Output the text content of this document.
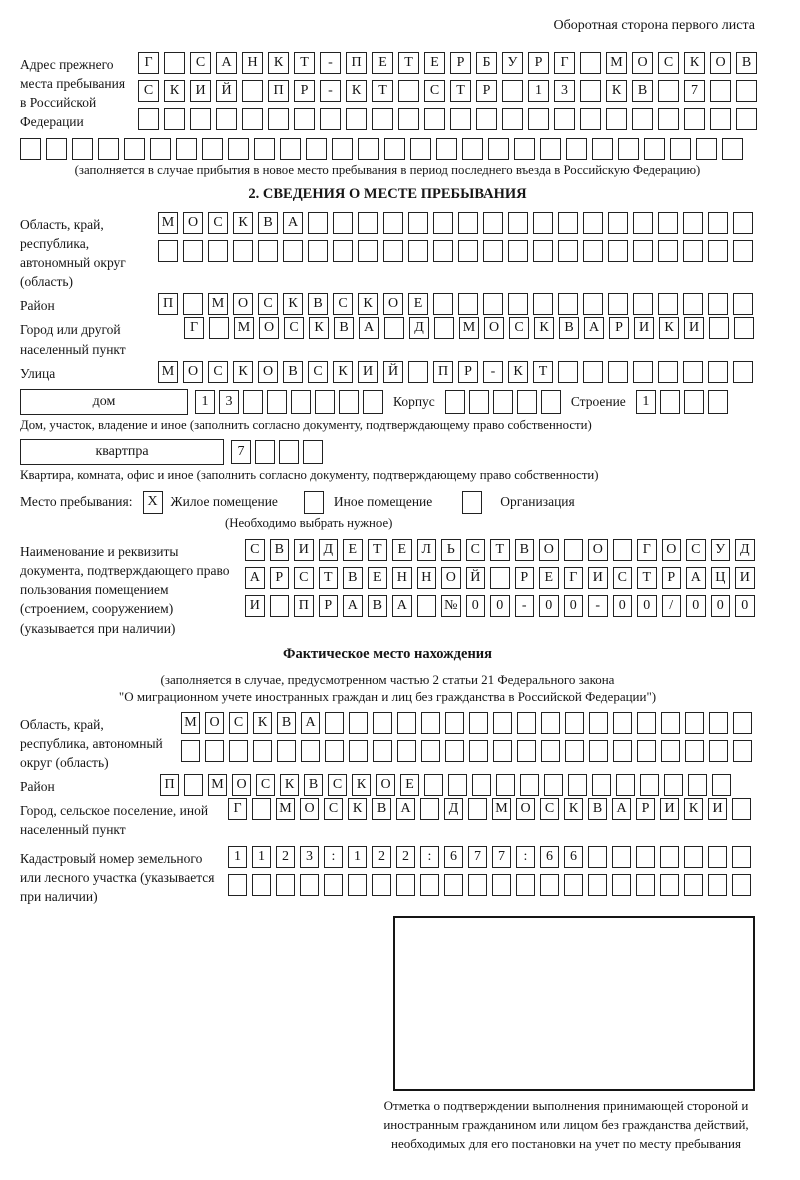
Оборотная сторона первого листа
Адрес прежнего места пребывания в Российской Федерации
Г	С	А	Н	К	Т	-	П	Е	Т	Е	Р	Б	У	Р	Г	М	О	С	К	О	В
С	К	И	Й	П	Р	-	К	Т	С	Т	Р	1	3	К	В	7
(заполняется в случае прибытия в новое место пребывания в период последнего въезда в Российскую Федерацию)
2. СВЕДЕНИЯ О МЕСТЕ ПРЕБЫВАНИЯ
Область, край, республика, автономный округ (область)
М О	С	К	В	А
Район	П	М О	С	К	В	С	К	О	Е
Город или другой населенный пункт
Г	М О	С	К	В	А	Д	М О	С	К	В	А	Р	И	К	И
Улица	М О	С	К	О	В	С	К	И	Й	П	Р	-	К	Т
дом	1	3	Корпус	Строение	1
Дом, участок, владение и иное (заполнить согласно документу, подтверждающему право собственности)
квартпра	7
Квартира, комната, офис и иное (заполнить согласно документу, подтверждающему право собственности)
Место пребывания:	X Жилое помещение	Иное помещение	Организация
(Необходимо выбрать нужное)
Наименование и реквизиты документа, подтверждающего право пользования помещением (строением, сооружением) (указывается при наличии)
С	В	И	Д	Е	Т	Е	Л	Ь	С	Т	В	О	О	Г	О	С	У	Д
А	Р	С	Т	В	Е	Н	Н	О	Й	Р	Е	Г	И	С	Т	Р	А	Ц	И
И	П	Р	А	В	А	№	0	0	-	0	0	-	0	0	/	0	0	0
Фактическое место нахождения
(заполняется в случае, предусмотренном частью 2 статьи 21 Федерального закона
"О миграционном учете иностранных граждан и лиц без гражданства в Российской Федерации")
Область, край, республика, автономный округ (область)
М О	С	К	В	А
Район	П	М О	С	К	В	С	К	О	Е
Город, сельское поселение, иной населенный пункт
Г	М О	С	К	В	А	Д	М О	С	К	В	А	Р	И	К	И
Кадастровый номер земельного или лесного участка (указывается при наличии)
1	1	2	3	:	1	2	2	:	6	7	7	:	6	6
Отметка о подтверждении выполнения принимающей стороной и иностранным гражданином или лицом без гражданства действий, необходимых для его постановки на учет по месту пребывания
